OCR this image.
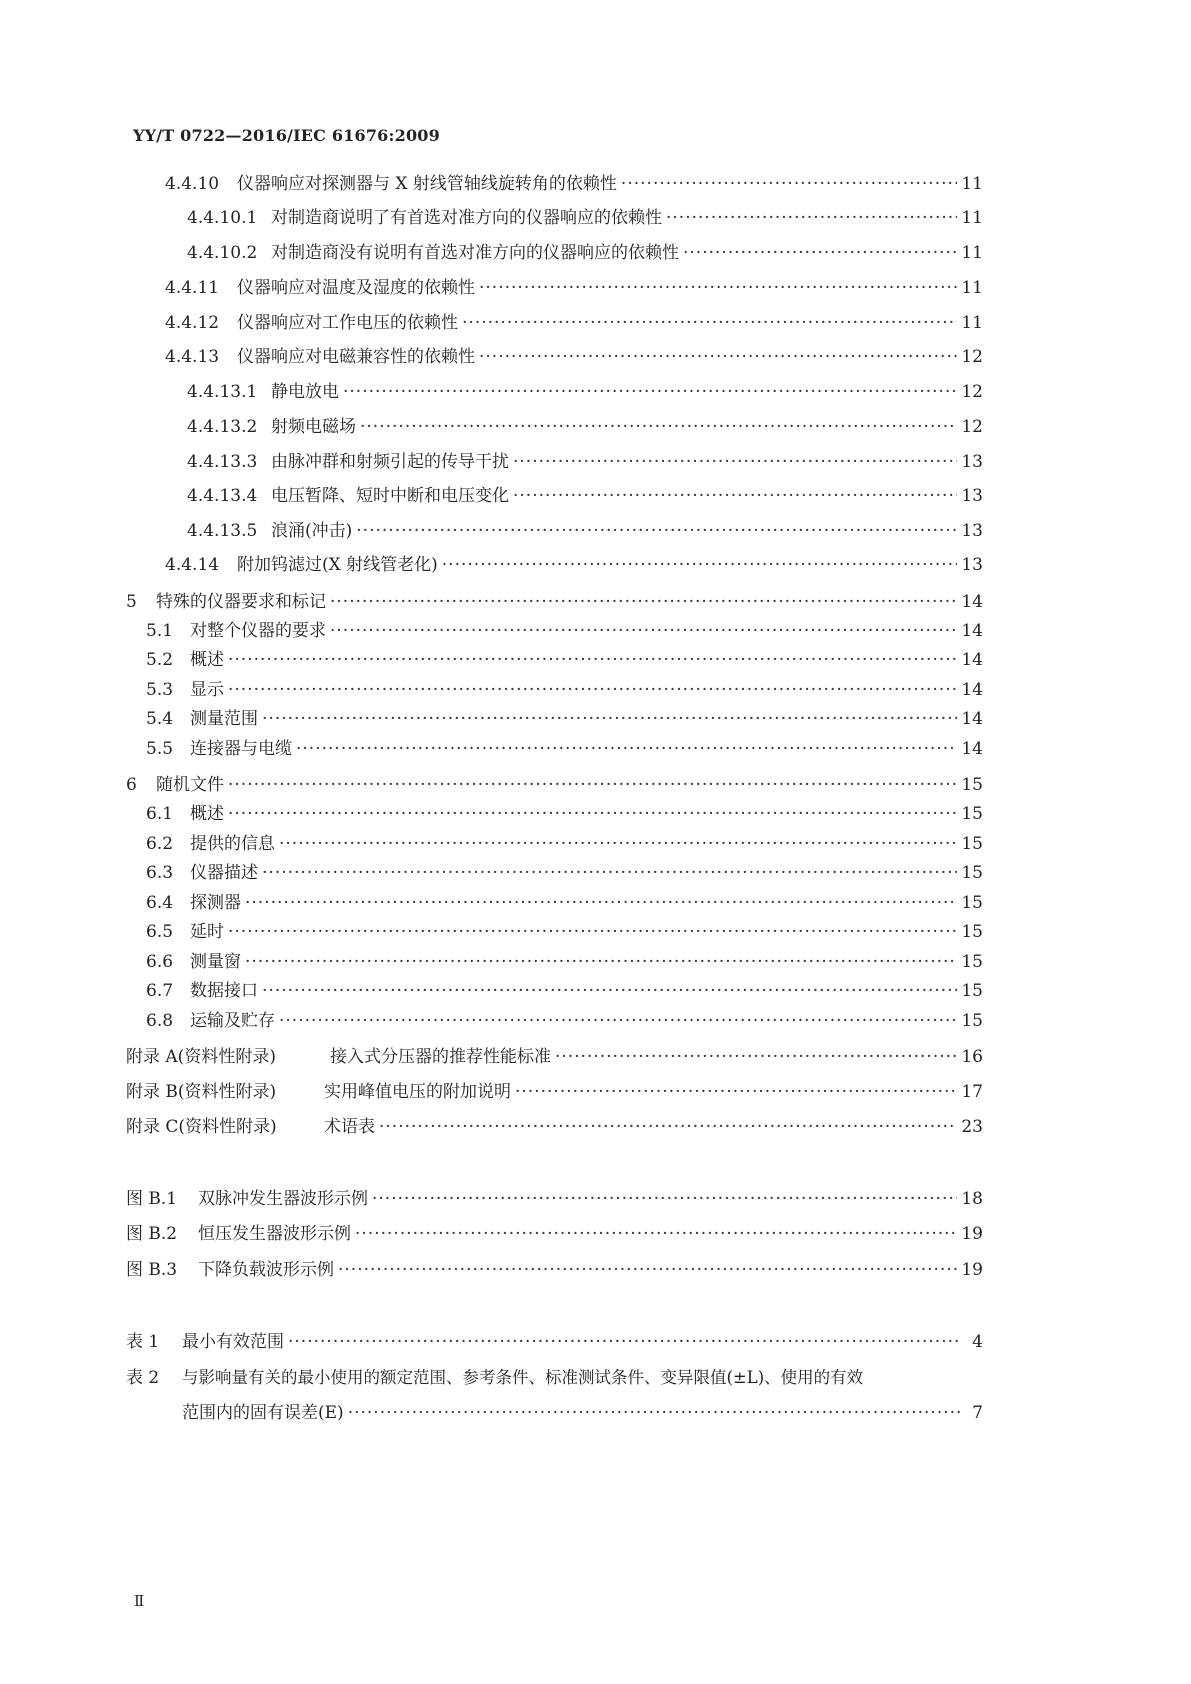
YY/T 0722—2016/IEC 61676:2009
4.4.10	仪器响应对探测器与 X 射线管轴线旋转角的依赖性 ·····	11
4.4.10.1 对制造商说明了有首选对准方向的仪器响应的依赖性 ·····	11
4.4.10.2 对制造商没有说明有首选对准方向的仪器响应的依赖性 ·····	11
4.4.11	仪器响应对温度及湿度的依赖性 ·····	11
4.4.12	仪器响应对工作电压的依赖性 ·····	11
4.4.13	仪器响应对电磁兼容性的依赖性 ·····	12
4.4.13.1 静电放电 ·····	12
4.4.13.2 射频电磁场 ·····	12
4.4.13.3 由脉冲群和射频引起的传导干扰 ·····	13
4.4.13.4 电压暂降、短时中断和电压变化 ·····	13
4.4.13.5 浪涌(冲击) ·····	13
4.4.14	附加钨滤过(X 射线管老化) ·····	13
5	特殊的仪器要求和标记 ·····	14
5.1 对整个仪器的要求 ·····	14
5.2 概述 ·····	14
5.3 显示 ·····	14
5.4 测量范围 ·····	14
5.5 连接器与电缆 ·····	14
6	随机文件 ·····	15
6.1 概述 ·····	15
6.2 提供的信息 ·····	15
6.3 仪器描述 ·····	15
6.4 探测器 ·····	15
6.5 延时 ·····	15
6.6 测量窗 ·····	15
6.7 数据接口 ·····	15
6.8 运输及贮存 ·····	15
附录 A(资料性附录)	接入式分压器的推荐性能标准 ·····	16
附录 B(资料性附录)	实用峰值电压的附加说明 ·····	17
附录 C(资料性附录)	术语表 ·····	23
图 B.1	双脉冲发生器波形示例 ·····	18
图 B.2	恒压发生器波形示例 ·····	19
图 B.3	下降负载波形示例 ·····	19
表 1	最小有效范围 ·····	4
表 2	与影响量有关的最小使用的额定范围、参考条件、标准测试条件、变异限值(±L)、使用的有效
范围内的固有误差(E) ·····	7
Ⅱ
